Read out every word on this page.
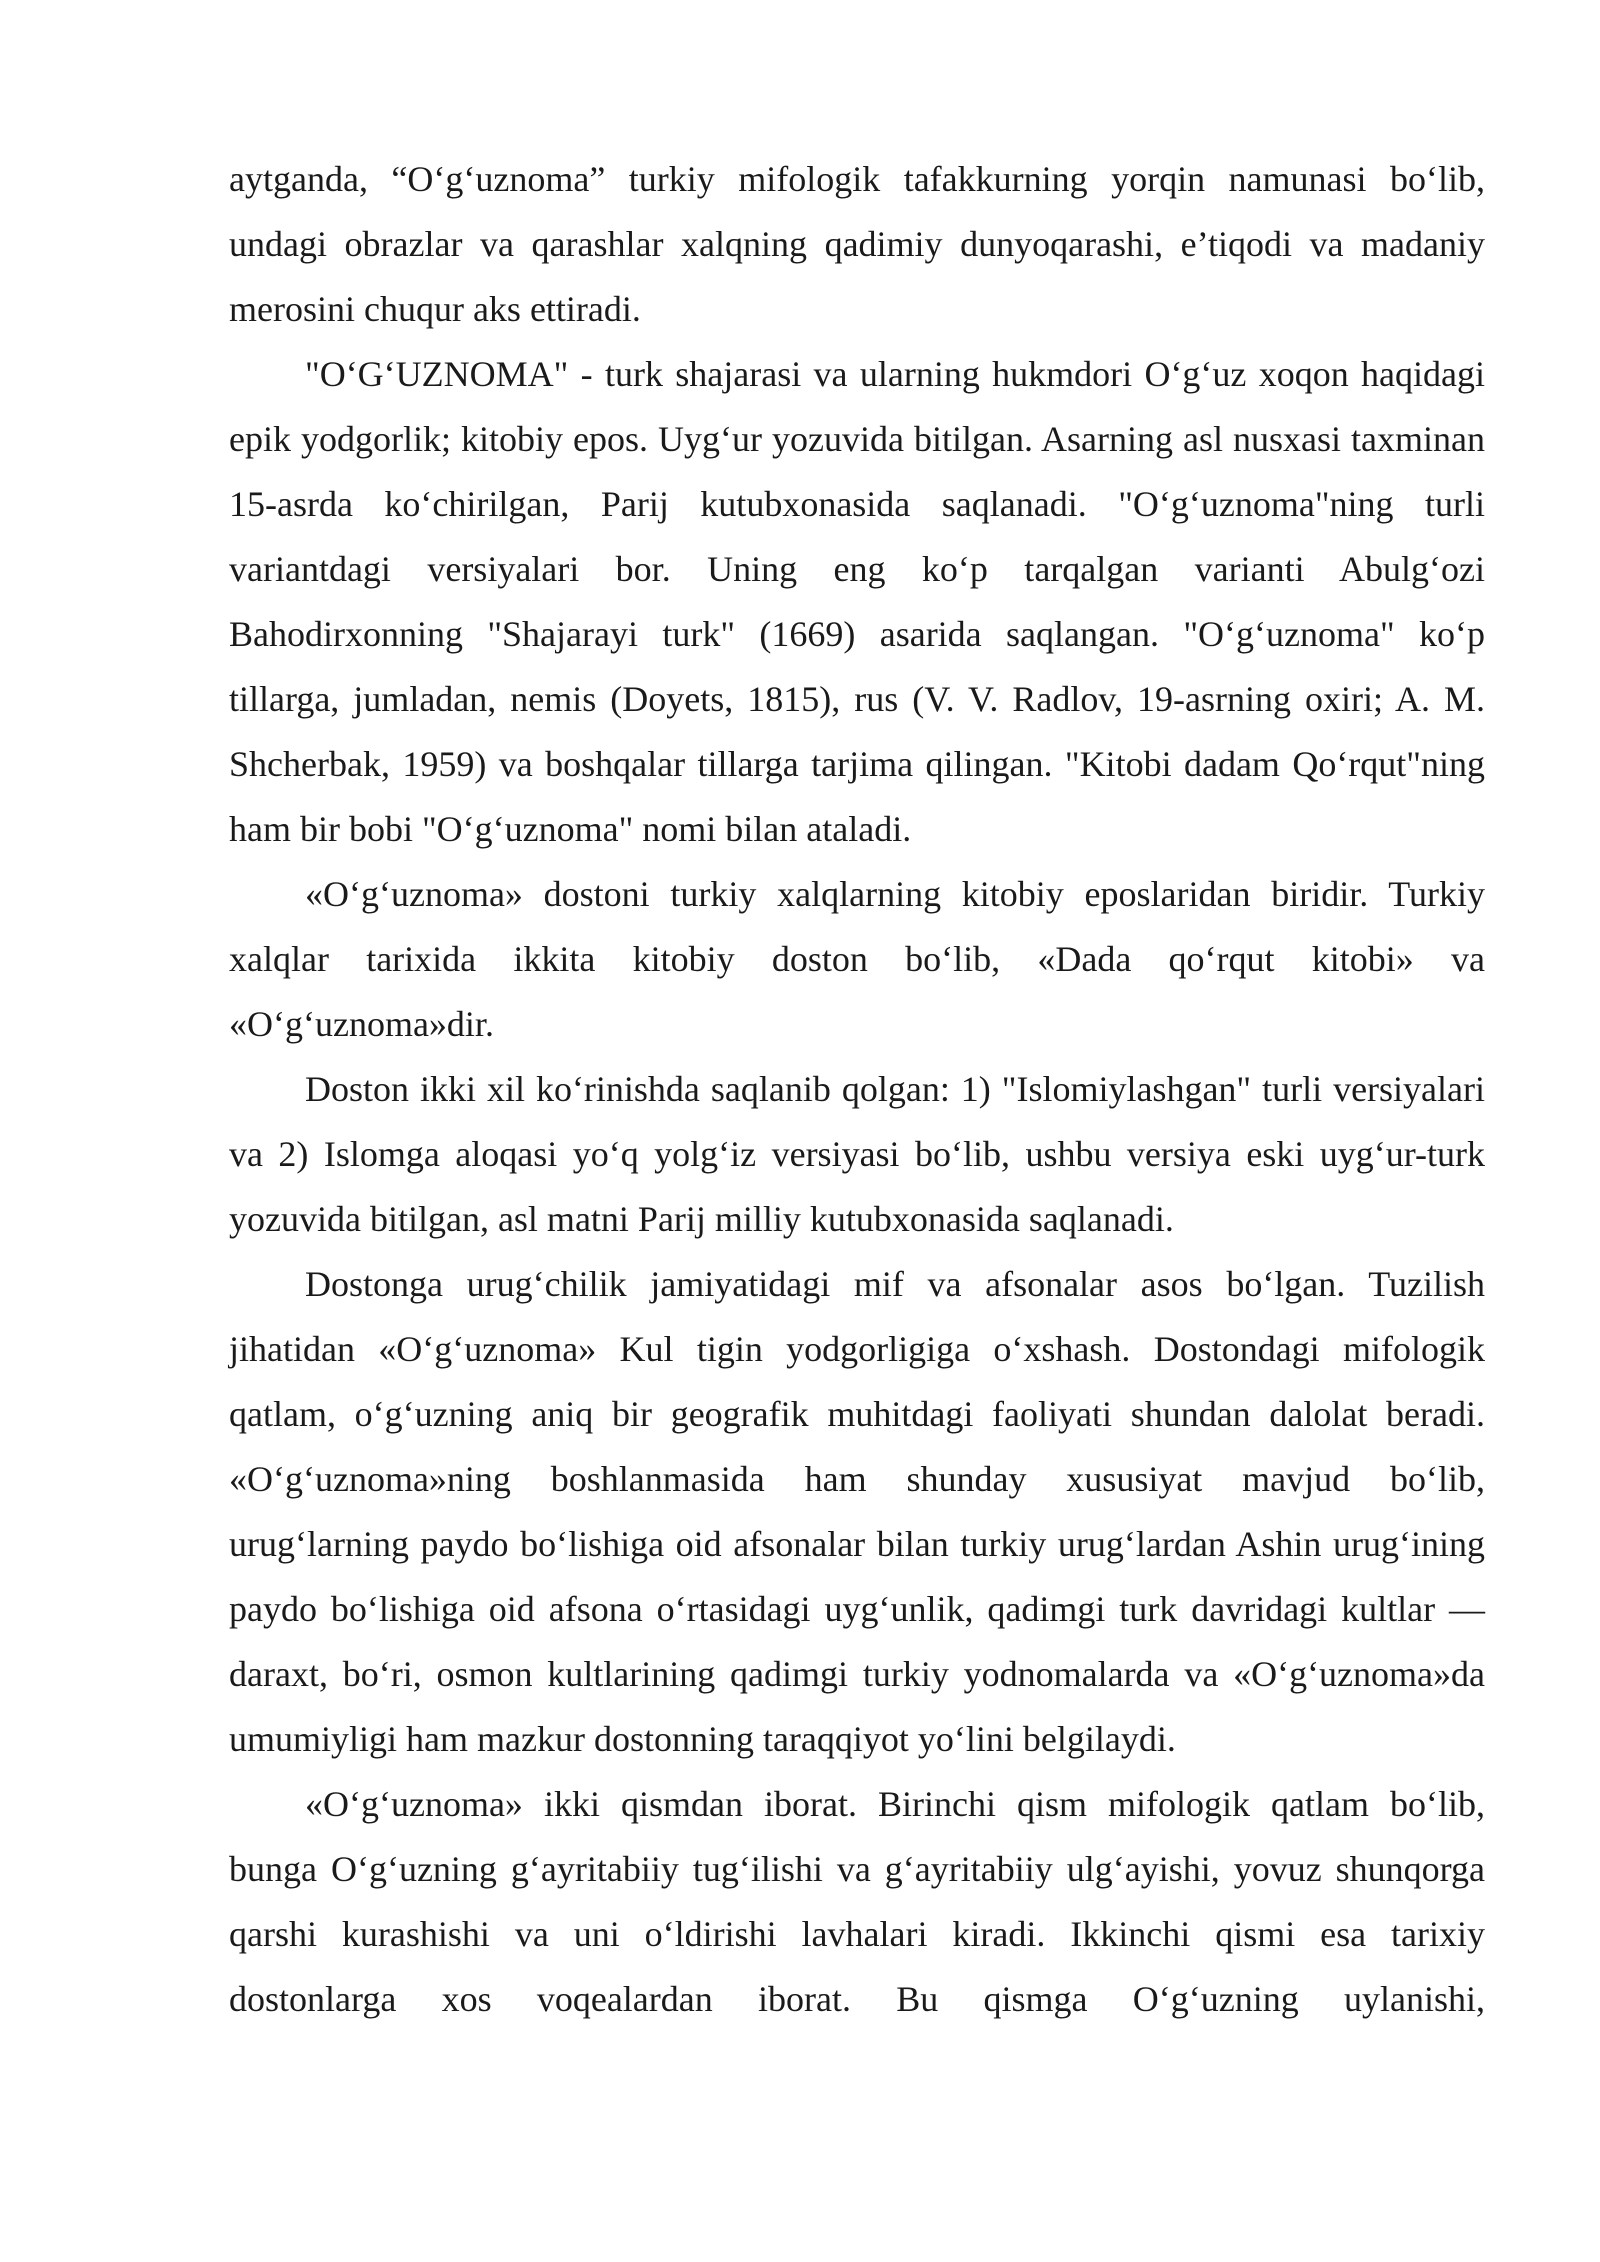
aytganda, “O‘g‘uznoma” turkiy mifologik tafakkurning yorqin namunasi bo‘lib, undagi obrazlar va qarashlar xalqning qadimiy dunyoqarashi, e’tiqodi va madaniy merosini chuqur aks ettiradi.

"O‘G‘UZNOMA" - turk shajarasi va ularning hukmdori O‘g‘uz xoqon haqidagi epik yodgorlik; kitobiy epos. Uyg‘ur yozuvida bitilgan. Asarning asl nusxasi taxminan 15-asrda ko‘chirilgan, Parij kutubxonasida saqlanadi. "O‘g‘uznoma"ning turli variantdagi versiyalari bor. Uning eng ko‘p tarqalgan varianti Abulg‘ozi Bahodirxonning "Shajarayi turk" (1669) asarida saqlangan. "O‘g‘uznoma" ko‘p tillarga, jumladan, nemis (Doyets, 1815), rus (V. V. Radlov, 19-asrning oxiri; A. M. Shcherbak, 1959) va boshqalar tillarga tarjima qilingan. "Kitobi dadam Qo‘rqut"ning ham bir bobi "O‘g‘uznoma" nomi bilan ataladi.

«O‘g‘uznoma» dostoni turkiy xalqlarning kitobiy eposlaridan biridir. Turkiy xalqlar tarixida ikkita kitobiy doston bo‘lib, «Dada qo‘rqut kitobi» va «O‘g‘uznoma»dir.

Doston ikki xil ko‘rinishda saqlanib qolgan: 1) "Islomiylashgan" turli versiyalari va 2) Islomga aloqasi yo‘q yolg‘iz versiyasi bo‘lib, ushbu versiya eski uyg‘ur-turk yozuvida bitilgan, asl matni Parij milliy kutubxonasida saqlanadi.

Dostonga urug‘chilik jamiyatidagi mif va afsonalar asos bo‘lgan. Tuzilish jihatidan «O‘g‘uznoma» Kul tigin yodgorligiga o‘xshash. Dostondagi mifologik qatlam, o‘g‘uzning aniq bir geografik muhitdagi faoliyati shundan dalolat beradi. «O‘g‘uznoma»ning boshlanmasida ham shunday xususiyat mavjud bo‘lib, urug‘larning paydo bo‘lishiga oid afsonalar bilan turkiy urug‘lardan Ashin urug‘ining paydo bo‘lishiga oid afsona o‘rtasidagi uyg‘unlik, qadimgi turk davridagi kultlar — daraxt, bo‘ri, osmon kultlarining qadimgi turkiy yodnomalarda va «O‘g‘uznoma»da umumiyligi ham mazkur dostonning taraqqiyot yo‘lini belgilaydi.

«O‘g‘uznoma» ikki qismdan iborat. Birinchi qism mifologik qatlam bo‘lib, bunga O‘g‘uzning g‘ayritabiiy tug‘ilishi va g‘ayritabiiy ulg‘ayishi, yovuz shunqorga qarshi kurashishi va uni o‘ldirishi lavhalari kiradi. Ikkinchi qismi esa tarixiy dostonlarga xos voqealardan iborat. Bu qismga O‘g‘uzning uylanishi,
